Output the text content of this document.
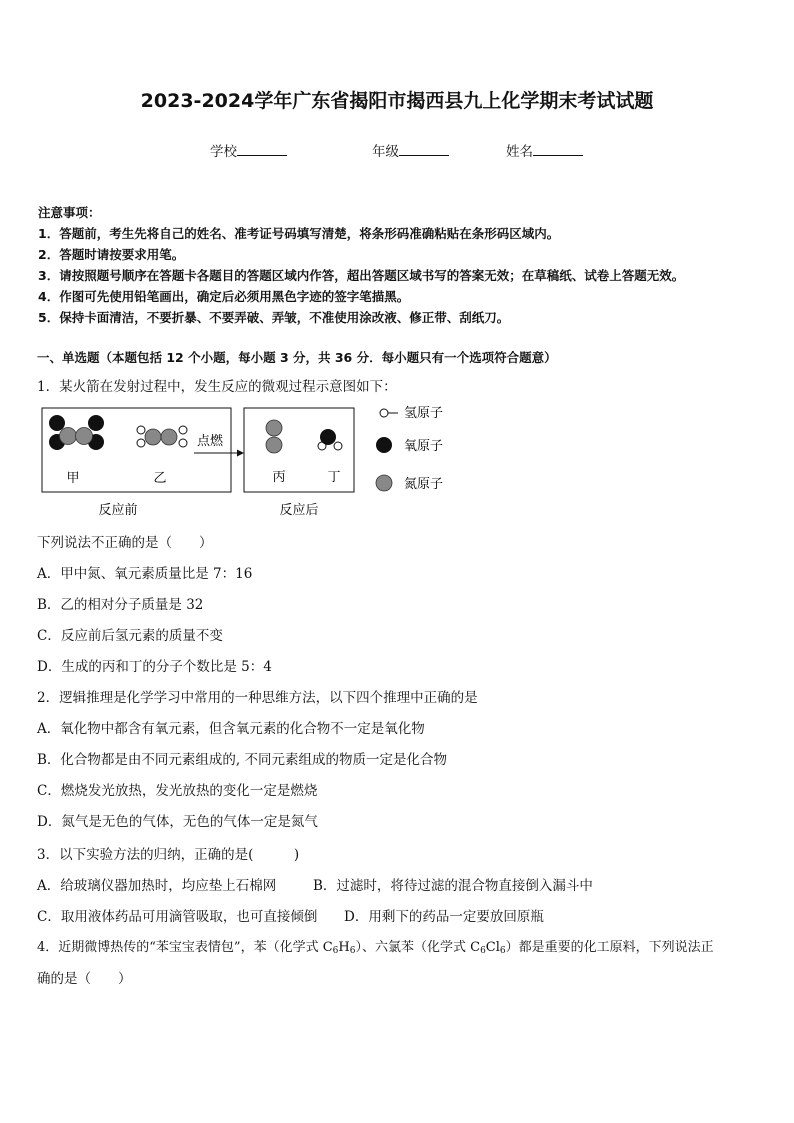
2023-2024学年广东省揭阳市揭西县九上化学期末考试试题
学校	年级	姓名
注意事项：
1．答题前，考生先将自己的姓名、准考证号码填写清楚，将条形码准确粘贴在条形码区域内。
2．答题时请按要求用笔。
3．请按照题号顺序在答题卡各题目的答题区域内作答，超出答题区域书写的答案无效；在草稿纸、试卷上答题无效。
4．作图可先使用铅笔画出，确定后必须用黑色字迹的签字笔描黑。
5．保持卡面清洁，不要折暴、不要弄破、弄皱，不准使用涂改液、修正带、刮纸刀。
一、单选题（本题包括 12 个小题，每小题 3 分，共 36 分．每小题只有一个选项符合题意）
1．某火箭在发射过程中，发生反应的微观过程示意图如下：
甲	乙
点燃
丙	丁
反应前	反应后
氢原子
氧原子
氮原子
下列说法不正确的是（　　）
A．甲中氮、氧元素质量比是 7：16
B．乙的相对分子质量是 32
C．反应前后氢元素的质量不变
D．生成的丙和丁的分子个数比是 5：4
2．逻辑推理是化学学习中常用的一种思维方法，以下四个推理中正确的是
A．氧化物中都含有氧元素，但含氧元素的化合物不一定是氧化物
B．化合物都是由不同元素组成的, 不同元素组成的物质一定是化合物
C．燃烧发光放热，发光放热的变化一定是燃烧
D．氮气是无色的气体，无色的气体一定是氮气
3．以下实验方法的归纳，正确的是(　　　)
A．给玻璃仪器加热时，均应垫上石棉网	B．过滤时，将待过滤的混合物直接倒入漏斗中
C．取用液体药品可用滴管吸取，也可直接倾倒 D．用剩下的药品一定要放回原瓶
4．近期微博热传的“苯宝宝表情包”，苯（化学式 $C_6H_6$）、六氯苯（化学式 $C_6Cl_6$）都是重要的化工原料，下列说法正
确的是（　　）
